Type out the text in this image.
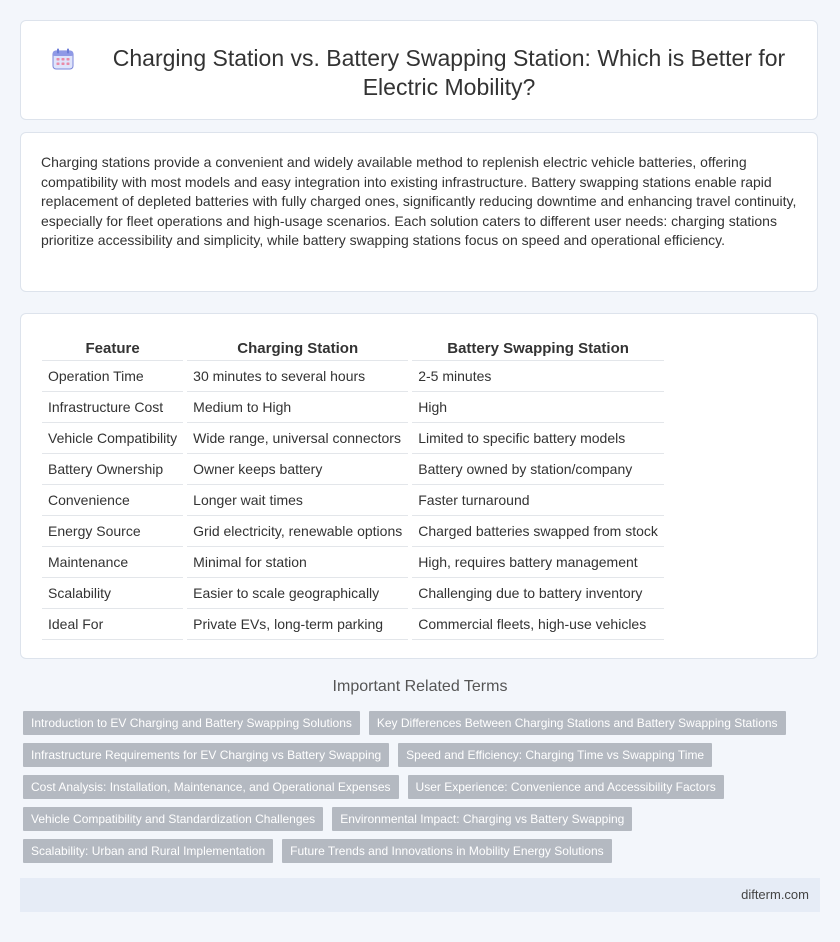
Charging Station vs. Battery Swapping Station: Which is Better for Electric Mobility?

Charging stations provide a convenient and widely available method to replenish electric vehicle batteries, offering compatibility with most models and easy integration into existing infrastructure. Battery swapping stations enable rapid replacement of depleted batteries with fully charged ones, significantly reducing downtime and enhancing travel continuity, especially for fleet operations and high-usage scenarios. Each solution caters to different user needs: charging stations prioritize accessibility and simplicity, while battery swapping stations focus on speed and operational efficiency.

Feature	Charging Station	Battery Swapping Station
Operation Time	30 minutes to several hours	2-5 minutes
Infrastructure Cost	Medium to High	High
Vehicle Compatibility	Wide range, universal connectors	Limited to specific battery models
Battery Ownership	Owner keeps battery	Battery owned by station/company
Convenience	Longer wait times	Faster turnaround
Energy Source	Grid electricity, renewable options	Charged batteries swapped from stock
Maintenance	Minimal for station	High, requires battery management
Scalability	Easier to scale geographically	Challenging due to battery inventory
Ideal For	Private EVs, long-term parking	Commercial fleets, high-use vehicles
Important Related Terms
Introduction to EV Charging and Battery Swapping Solutions	Key Differences Between Charging Stations and Battery Swapping Stations
Infrastructure Requirements for EV Charging vs Battery Swapping	Speed and Efficiency: Charging Time vs Swapping Time
Cost Analysis: Installation, Maintenance, and Operational Expenses	User Experience: Convenience and Accessibility Factors
Vehicle Compatibility and Standardization Challenges	Environmental Impact: Charging vs Battery Swapping
Scalability: Urban and Rural Implementation	Future Trends and Innovations in Mobility Energy Solutions
difterm.com
